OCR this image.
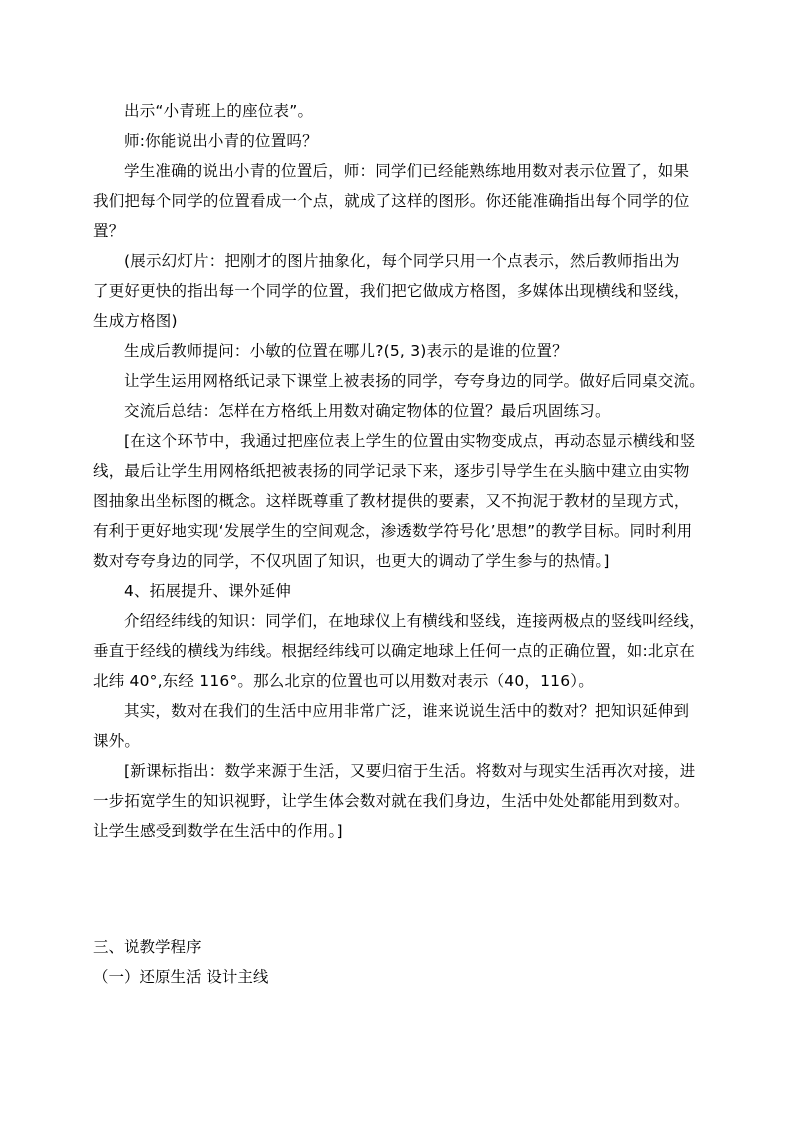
出示“小青班上的座位表”。
师:你能说出小青的位置吗？
学生准确的说出小青的位置后，师：同学们已经能熟练地用数对表示位置了，如果
我们把每个同学的位置看成一个点，就成了这样的图形。你还能准确指出每个同学的位
置？
(展示幻灯片：把刚才的图片抽象化，每个同学只用一个点表示，然后教师指出为
了更好更快的指出每一个同学的位置，我们把它做成方格图，多媒体出现横线和竖线，
生成方格图)
生成后教师提问：小敏的位置在哪儿?(5, 3)表示的是谁的位置？
让学生运用网格纸记录下课堂上被表扬的同学，夸夸身边的同学。做好后同桌交流。
交流后总结：怎样在方格纸上用数对确定物体的位置？最后巩固练习。
[在这个环节中，我通过把座位表上学生的位置由实物变成点，再动态显示横线和竖
线，最后让学生用网格纸把被表扬的同学记录下来，逐步引导学生在头脑中建立由实物
图抽象出坐标图的概念。这样既尊重了教材提供的要素，又不拘泥于教材的呈现方式，
有利于更好地实现‘发展学生的空间观念，渗透数学符号化’思想”的教学目标。同时利用
数对夸夸身边的同学，不仅巩固了知识，也更大的调动了学生参与的热情。]
4、拓展提升、课外延伸
介绍经纬线的知识：同学们，在地球仪上有横线和竖线，连接两极点的竖线叫经线，
垂直于经线的横线为纬线。根据经纬线可以确定地球上任何一点的正确位置，如:北京在
北纬 40°,东经 116°。那么北京的位置也可以用数对表示（40，116）。
其实，数对在我们的生活中应用非常广泛，谁来说说生活中的数对？把知识延伸到
课外。
[新课标指出：数学来源于生活，又要归宿于生活。将数对与现实生活再次对接，进
一步拓宽学生的知识视野，让学生体会数对就在我们身边，生活中处处都能用到数对。
让学生感受到数学在生活中的作用。]
三、说教学程序
（一）还原生活 设计主线
